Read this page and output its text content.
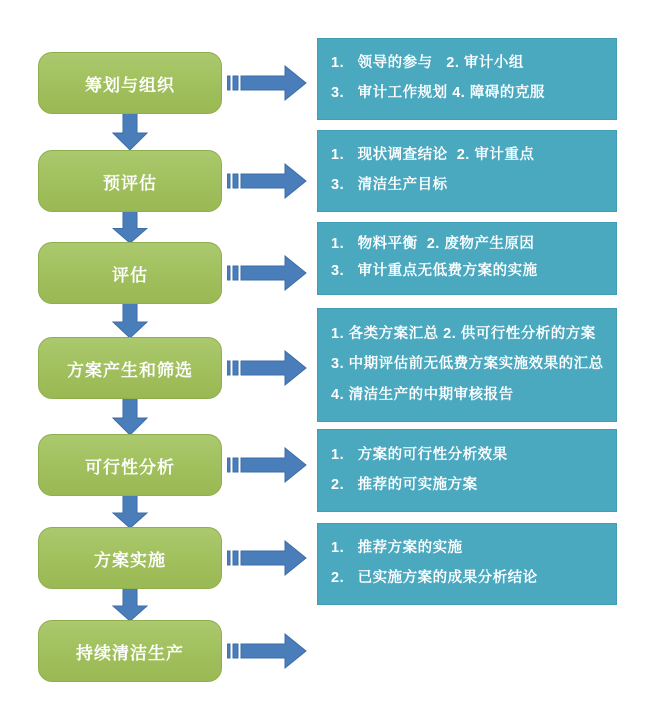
筹划与组织
预评估
评估
方案产生和筛选
可行性分析
方案实施
持续清洁生产
1.   领导的参与   2. 审计小组
3.   审计工作规划 4. 障碍的克服
1.   现状调查结论  2. 审计重点
3.   清洁生产目标
1.   物料平衡  2. 废物产生原因
3.   审计重点无低费方案的实施
1. 各类方案汇总 2. 供可行性分析的方案
3. 中期评估前无低费方案实施效果的汇总
4. 清洁生产的中期审核报告
1.   方案的可行性分析效果
2.   推荐的可实施方案
1.   推荐方案的实施
2.   已实施方案的成果分析结论
